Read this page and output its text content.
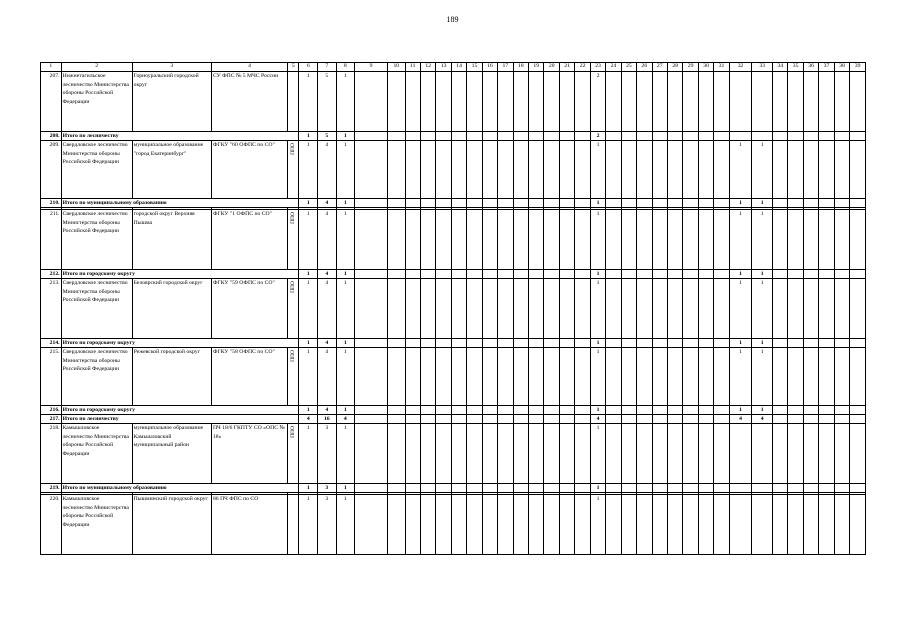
189
1	2	3	4	5	6	7	8	9	10	11	12	13	14	15	16	17	18	19	20	21	22	23	24	25	26	27	28	29	30	31	32	33	34	35	36	37	38	39
207.	Нижнетагильское лесничество Министерства обороны Российской Федерации	Горноуральский городской округ	СУ ФПС № 5 МЧС России		1	5	1															2																
208.	Итого по лесничеству				1	5	1															2																
209.	Свердловское лесничество Министерства обороны Российской Федерации	муниципальное образование "город Екатеринбург"	ФГКУ "60 ОФПС по СО"	ППО	1	4	1															1									1	1						
210.	Итого по муниципальному образованию				1	4	1															1									1	1						

211.	Свердловское лесничество Министерства обороны Российской Федерации	городской округ Верхняя Пышма	ФГКУ "1 ОФПС по СО"	ППО	1	4	1															1									1	1						
212.	Итого по городскому округу				1	4	1															1									1	1						
213.	Свердловское лесничество Министерства обороны Российской Федерации	Белоярский городской округ	ФГКУ "59 ОФПС по СО"	ППО	1	4	1															1									1	1						
214.	Итого по городскому округу				1	4	1															1									1	1						
215.	Свердловское лесничество Министерства обороны Российской Федерации	Режевской городской округ	ФГКУ "58 ОФПС по СО"	ППО	1	4	1															1									1	1						
216.	Итого по городскому округу				1	4	1															1									1	1						
217.	Итого по лесничеству				4	16	4															4									4	4						
218.	Камышловское лесничество Министерства обороны Российской Федерации	муниципальное образование Камышловский муниципальный район	ПЧ 18/6 ГКПТУ СО «ОПС № 18»	ППО	1	3	1															1																
219.	Итого по муниципальному образованию				1	3	1															1																

220.	Камышловское лесничество Министерства обороны Российской Федерации	Пышминский городской округ	86 ПЧ ФПС по СО		1	3	1															1																
